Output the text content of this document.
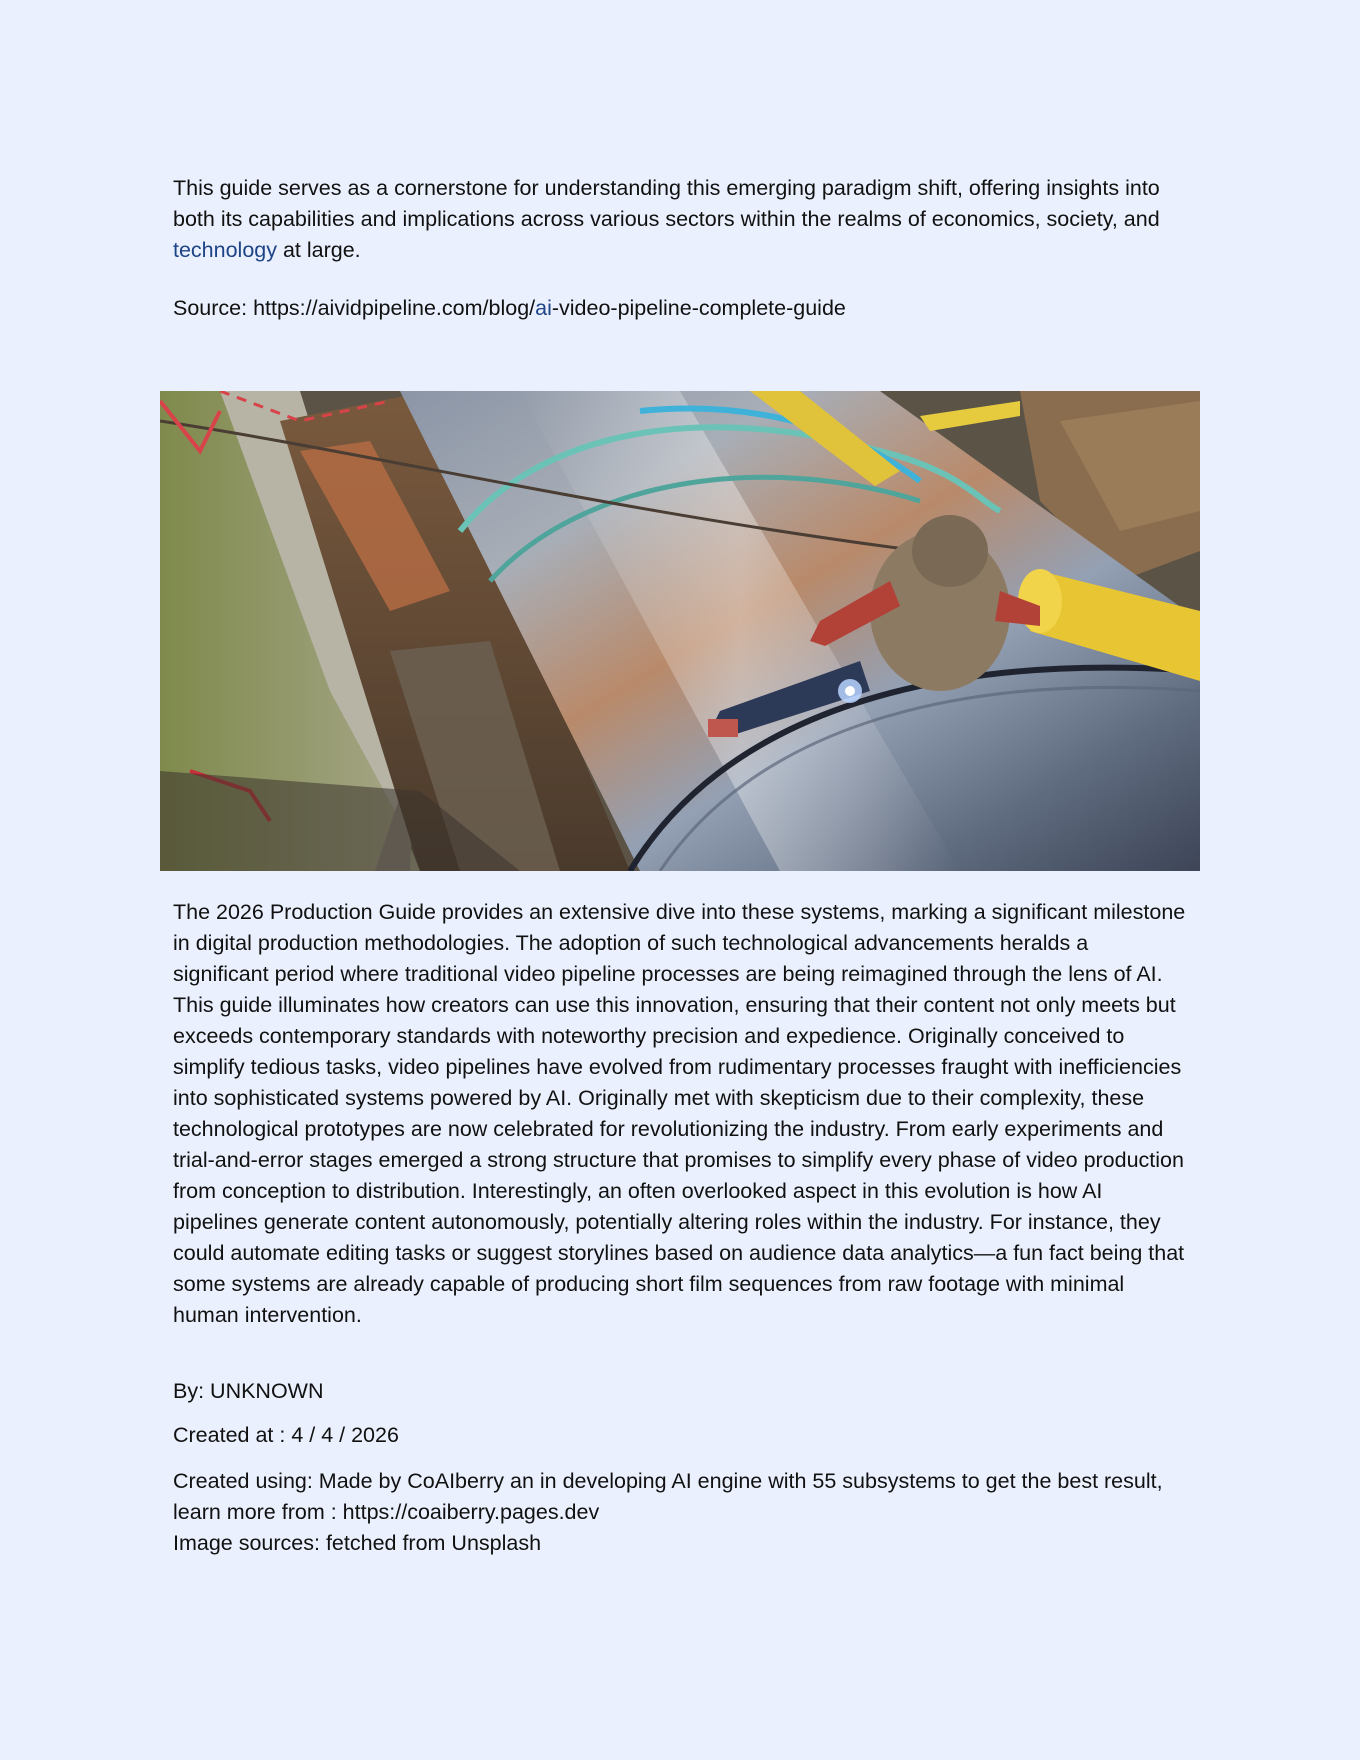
This guide serves as a cornerstone for understanding this emerging paradigm shift, offering insights into both its capabilities and implications across various sectors within the realms of economics, society, and technology at large.

Source: https://aividpipeline.com/blog/ai-video-pipeline-complete-guide

The 2026 Production Guide provides an extensive dive into these systems, marking a significant milestone in digital production methodologies. The adoption of such technological advancements heralds a significant period where traditional video pipeline processes are being reimagined through the lens of AI. This guide illuminates how creators can use this innovation, ensuring that their content not only meets but exceeds contemporary standards with noteworthy precision and expedience. Originally conceived to simplify tedious tasks, video pipelines have evolved from rudimentary processes fraught with inefficiencies into sophisticated systems powered by AI. Originally met with skepticism due to their complexity, these technological prototypes are now celebrated for revolutionizing the industry. From early experiments and trial-and-error stages emerged a strong structure that promises to simplify every phase of video production from conception to distribution. Interestingly, an often overlooked aspect in this evolution is how AI pipelines generate content autonomously, potentially altering roles within the industry. For instance, they could automate editing tasks or suggest storylines based on audience data analytics—a fun fact being that some systems are already capable of producing short film sequences from raw footage with minimal human intervention.

By: UNKNOWN

Created at : 4 / 4 / 2026

Created using: Made by CoAIberry an in developing AI engine with 55 subsystems to get the best result, learn more from : https://coaiberry.pages.dev

Image sources: fetched from Unsplash
